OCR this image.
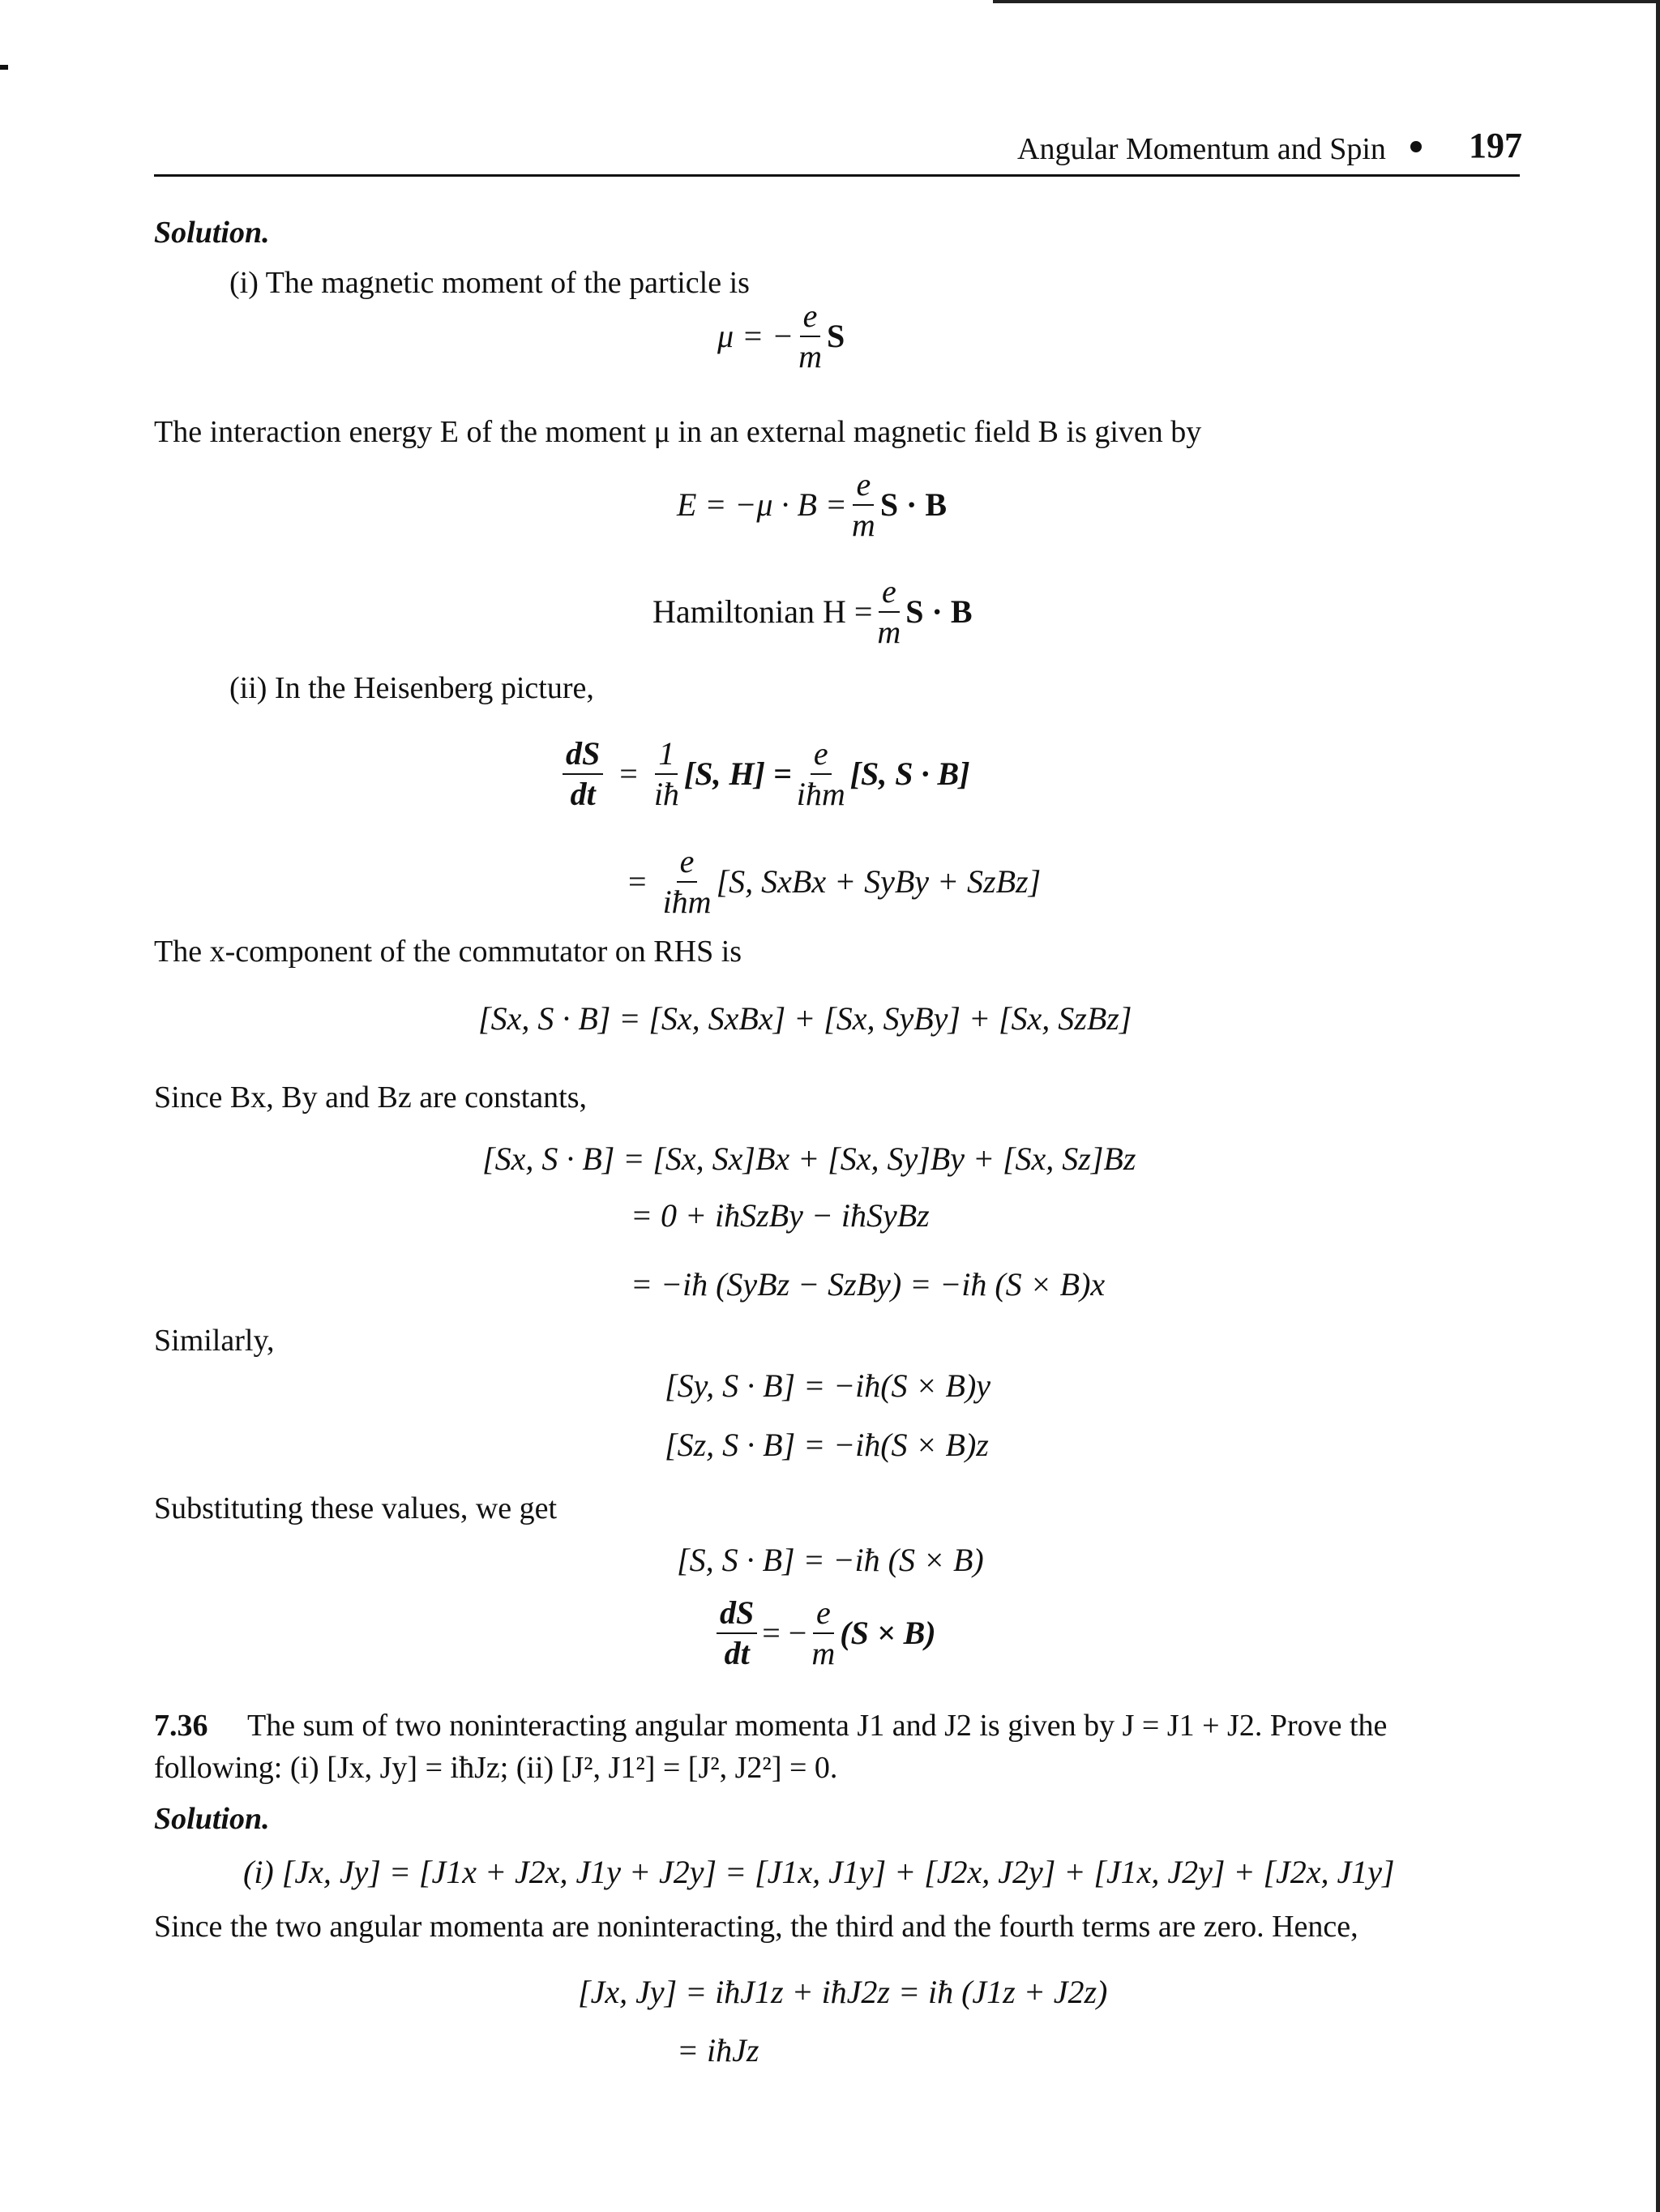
Angular Momentum and Spin 197
Solution.
(i) The magnetic moment of the particle is
μ = − $\frac{e}{m}$ S
The interaction energy E of the moment μ in an external magnetic field B is given by
$E = -\mu \cdot B = \frac{e}{m}$ S · B
Hamiltonian $H = \frac{e}{m}$ S · B
(ii) In the Heisenberg picture,
$\frac{dS}{dt} = \frac{1}{iħ} [S$, $H] = \frac{e}{\text{iħm}} [S$, S · B]
= $\frac{e}{\text{iħm}} [S$, SxBx + SyBy + SzBz]
The x-component of the commutator on RHS is
[Sx, S · B] = [Sx, SxBx] + [Sx, SyBy] + [Sx, SzBz]
Since Bx, By and Bz are constants,
[Sx, S · B] = [Sx, Sx]Bx + [Sx, Sy]By + [Sx, Sz]Bz
= 0 + iħSzBy − iħSyBz
= −iħ (SyBz − SzBy) = −iħ (S × B)x
Similarly,
[Sy, S · B] = −iħ(S × B)y
[Sz, S · B] = −iħ(S × B)z
Substituting these values, we get
[S, S · B] = −iħ (S × B)
$\frac{dS}{dt}$ = − $\frac{e}{m} (S \times B)$
7.36 The sum of two noninteracting angular momenta J1 and J2 is given by J = J1 + J2. Prove the
following: (i) [Jx, Jy] = iħJz; (ii) [J², J1²] = [J², J2²] = 0.
Solution.
(i) [Jx, Jy] = [J1x + J2x, J1y + J2y] = [J1x, J1y] + [J2x, J2y] + [J1x, J2y] + [J2x, J1y]
Since the two angular momenta are noninteracting, the third and the fourth terms are zero. Hence,
[Jx, Jy] = iħJ1z + iħJ2z = iħ (J1z + J2z)
= iħJz
